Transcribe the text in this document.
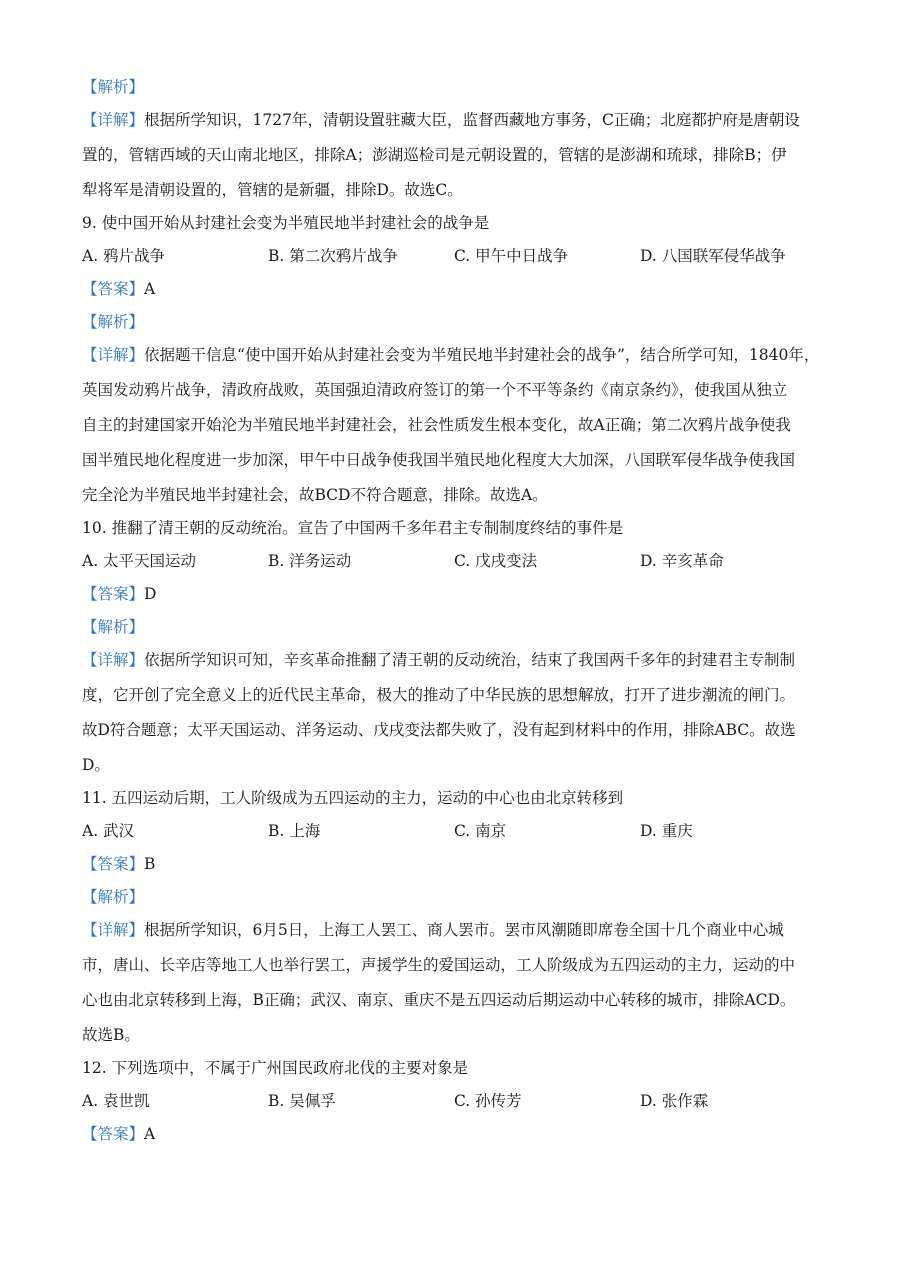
【解析】
【详解】根据所学知识，1727年，清朝设置驻藏大臣，监督西藏地方事务，C正确；北庭都护府是唐朝设
置的，管辖西域的天山南北地区，排除A；澎湖巡检司是元朝设置的，管辖的是澎湖和琉球，排除B；伊
犁将军是清朝设置的，管辖的是新疆，排除D。故选C。
9. 使中国开始从封建社会变为半殖民地半封建社会的战争是
A. 鸦片战争	B. 第二次鸦片战争	C. 甲午中日战争	D. 八国联军侵华战争
【答案】A
【解析】
【详解】依据题干信息“使中国开始从封建社会变为半殖民地半封建社会的战争”，结合所学可知，1840年，
英国发动鸦片战争，清政府战败，英国强迫清政府签订的第一个不平等条约《南京条约》，使我国从独立
自主的封建国家开始沦为半殖民地半封建社会，社会性质发生根本变化，故A正确；第二次鸦片战争使我
国半殖民地化程度进一步加深，甲午中日战争使我国半殖民地化程度大大加深，八国联军侵华战争使我国
完全沦为半殖民地半封建社会，故BCD不符合题意，排除。故选A。
10. 推翻了清王朝的反动统治。宣告了中国两千多年君主专制制度终结的事件是
A. 太平天国运动	B. 洋务运动	C. 戊戌变法	D. 辛亥革命
【答案】D
【解析】
【详解】依据所学知识可知，辛亥革命推翻了清王朝的反动统治，结束了我国两千多年的封建君主专制制
度，它开创了完全意义上的近代民主革命，极大的推动了中华民族的思想解放，打开了进步潮流的闸门。
故D符合题意；太平天国运动、洋务运动、戊戌变法都失败了，没有起到材料中的作用，排除ABC。故选
D。
11. 五四运动后期，工人阶级成为五四运动的主力，运动的中心也由北京转移到
A. 武汉	B. 上海	C. 南京	D. 重庆
【答案】B
【解析】
【详解】根据所学知识，6月5日，上海工人罢工、商人罢市。罢市风潮随即席卷全国十几个商业中心城
市，唐山、长辛店等地工人也举行罢工，声援学生的爱国运动，工人阶级成为五四运动的主力，运动的中
心也由北京转移到上海，B正确；武汉、南京、重庆不是五四运动后期运动中心转移的城市，排除ACD。
故选B。
12. 下列选项中，不属于广州国民政府北伐的主要对象是
A. 袁世凯	B. 吴佩孚	C. 孙传芳	D. 张作霖
【答案】A
